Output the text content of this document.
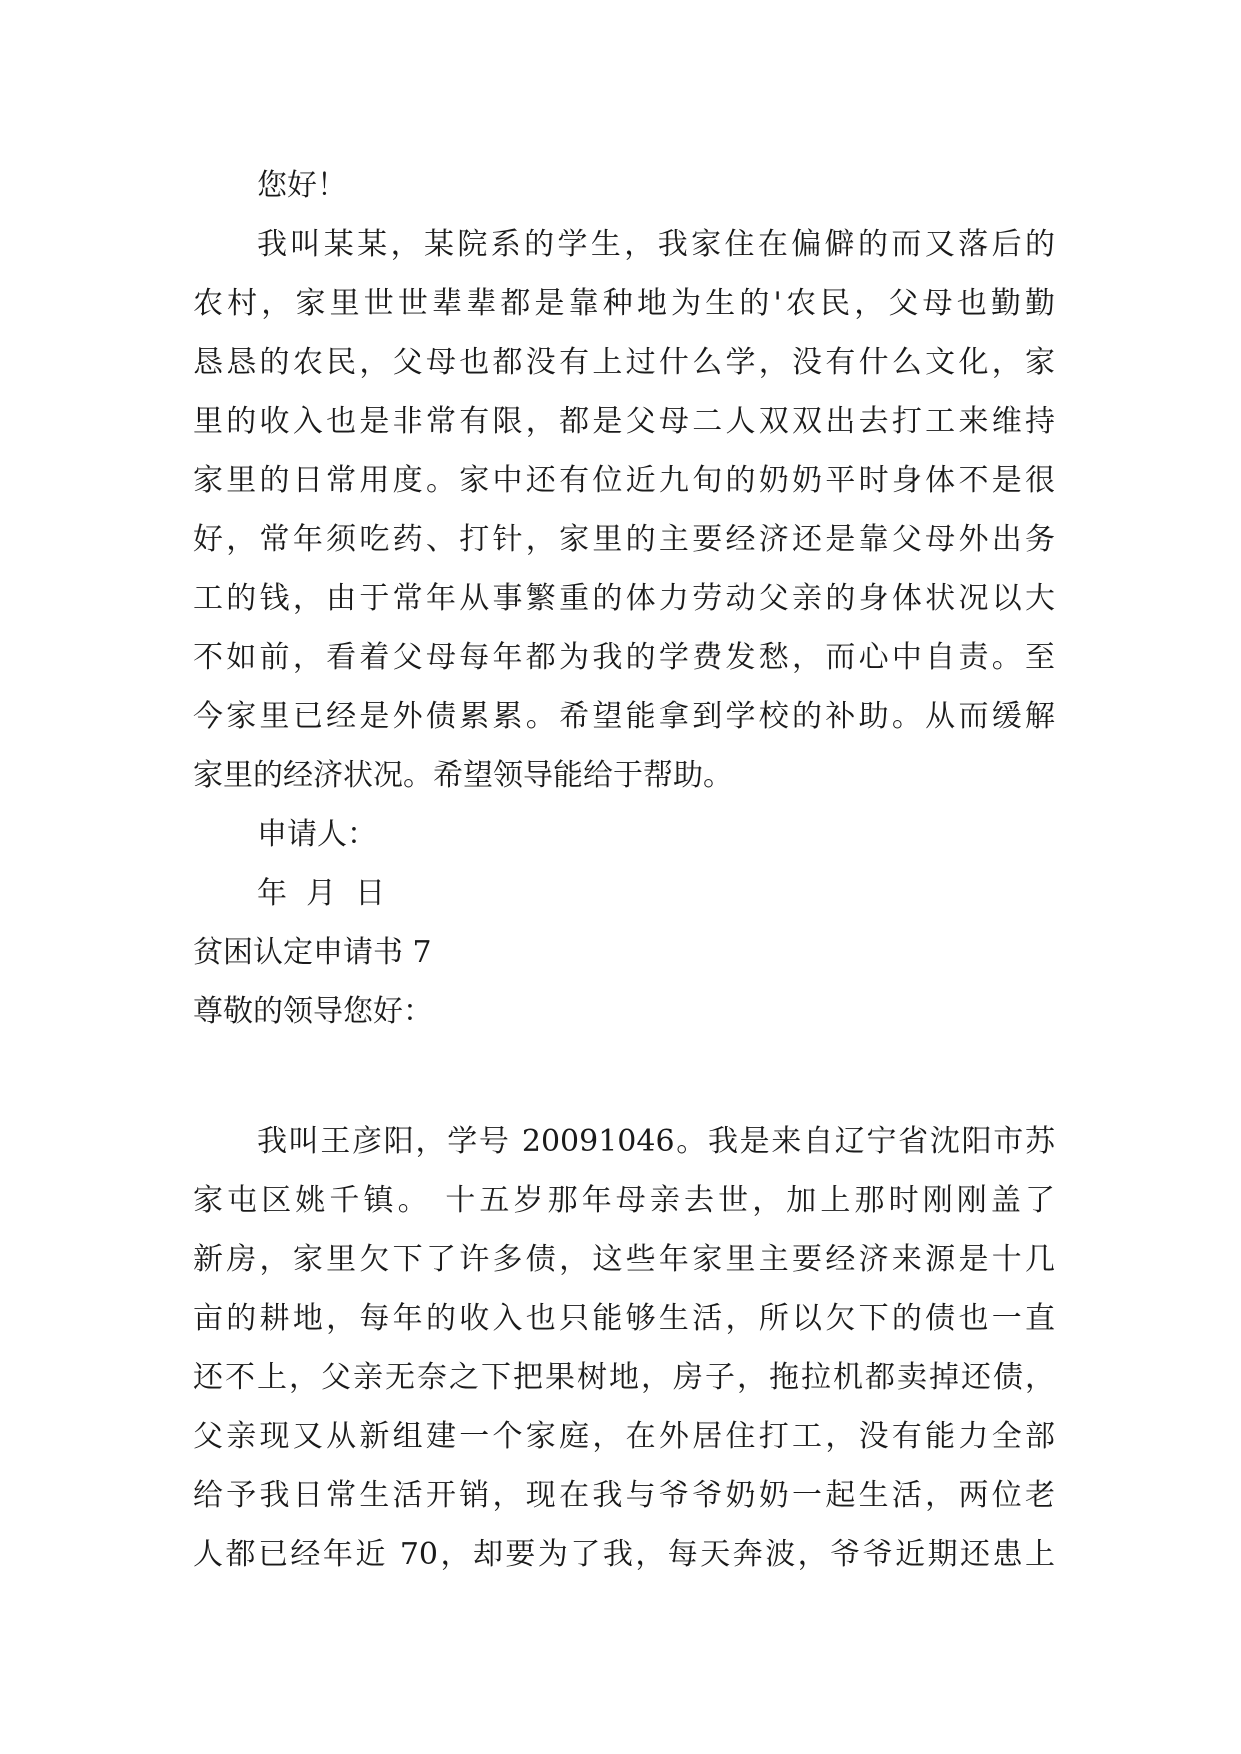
您好！
我叫某某，某院系的学生，我家住在偏僻的而又落后的
农村，家里世世辈辈都是靠种地为生的'农民，父母也勤勤
恳恳的农民，父母也都没有上过什么学，没有什么文化，家
里的收入也是非常有限，都是父母二人双双出去打工来维持
家里的日常用度。家中还有位近九旬的奶奶平时身体不是很
好，常年须吃药、打针，家里的主要经济还是靠父母外出务
工的钱，由于常年从事繁重的体力劳动父亲的身体状况以大
不如前，看着父母每年都为我的学费发愁，而心中自责。至
今家里已经是外债累累。希望能拿到学校的补助。从而缓解
家里的经济状况。希望领导能给于帮助。
申请人：
年  月  日
贫困认定申请书 7
尊敬的领导您好：
我叫王彦阳，学号 20091046。我是来自辽宁省沈阳市苏
家屯区姚千镇。 十五岁那年母亲去世，加上那时刚刚盖了
新房，家里欠下了许多债，这些年家里主要经济来源是十几
亩的耕地，每年的收入也只能够生活，所以欠下的债也一直
还不上，父亲无奈之下把果树地，房子，拖拉机都卖掉还债，
父亲现又从新组建一个家庭，在外居住打工，没有能力全部
给予我日常生活开销，现在我与爷爷奶奶一起生活，两位老
人都已经年近 70，却要为了我，每天奔波，爷爷近期还患上
